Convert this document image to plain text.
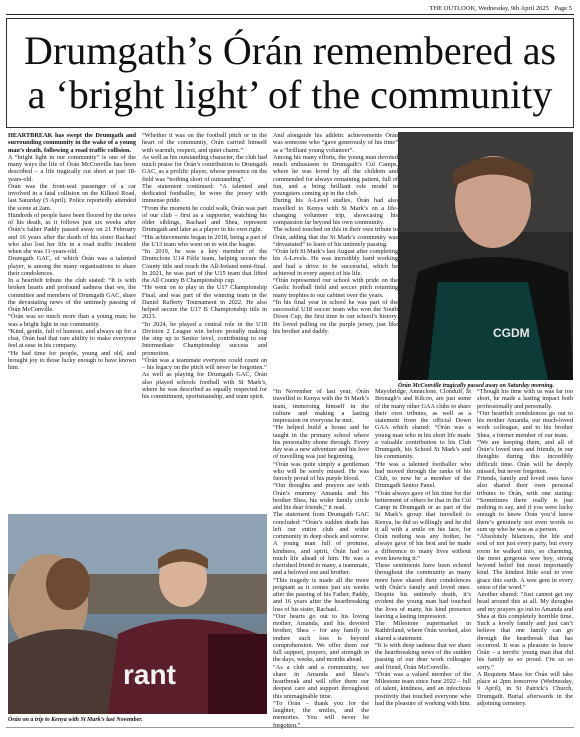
THE OUTLOOK, Wednesday, 9th April 2025 Page 5
Drumgath’s Órán remembered as
a ‘bright light’ of the community

HEARTBREAK has swept the Drumgath and surrounding community in the wake of a young man’s death, following a road traffic collision.

A “bright light in our community” is one of the many ways the life of Órán McConville has been described – a life tragically cut short at just 18-years-old.

Órán was the front-seat passenger of a car involved in a fatal collision on the Kilkeel Road, last Saturday (5 April). Police reportedly attended the scene at 2am.

Hundreds of people have been floored by the news of his death, as it follows just six weeks after Órán’s father Paddy passed away on 21 February and 16 years after the death of his sister Rachael who also lost her life in a road traffic incident when she was 11-years-old.

Drumgath GAC, of which Órán was a talented player, is among the many organisations to share their condolences.

In a heartfelt tribute the club stated: “It is with broken hearts and profound sadness that we, the committee and members of Drumgath GAC, share the devastating news of the untimely passing of Órán McConville.

“Órán was so much more than a young man; he was a bright light in our community.

“Kind, gentle, full of humour, and always up for a chat, Órán had that rare ability to make everyone feel at ease in his company.

“He had time for people, young and old, and brought joy to those lucky enough to have known him.

“Whether it was on the football pitch or in the heart of the community, Órán carried himself with warmth, respect, and quiet charm.”

As well as his outstanding character, the club had much praise for Órán’s contribution to Drumgath GAC, as a prolific player, whose presence on the field was “nothing short of outstanding”.

The statement continued: “A talented and dedicated footballer, he wore the jersey with immense pride.

“From the moment he could walk, Órán was part of our club – first as a supporter, watching his older siblings, Rachael and Shea, represent Drumgath and later as a player in his own right.

“His achievements began in 2018, being a part of the U13 team who went on to win the league.

“In 2019, he was a key member of the Drumclone U14 Féile team, helping secure the County title and reach the All-Ireland semi-final. In 2021, he was part of the U15 team that lifted the All County B Championship cup.

“He went on to play in the U17 Championship Final, and was part of the winning team in the Daniel Rafferty Tournament in 2022. He also helped secure the U17 B Championship title in 2023.

“In 2024, he played a central role in the U18 Division 2 League win before proudly making the step up to Senior level, contributing to our Intermediate Championship success and promotion.

“Órán was a teammate everyone could count on – his legacy on the pitch will never be forgotten.”

As well as playing for Drumgath GAC, Órán also played schools football with St Mark’s, where he was described as equally respected for his commitment, sportsmanship, and team spirit.

And alongside his athletic achievements Órán was someone who “gave generously of his time” as a “brilliant young volunteer”.

Among his many efforts, the young man devoted much enthusiasm to Drumgath’s Cúl Camps, where he was loved by all the children and commended for always remaining patient, full of fun, and a bring brilliant role model to youngsters coming up in the club.

During his A-Level studies, Órán had also travelled to Kenya with St Mark’s on a life-changing volunteer trip, showcasing his compassion far beyond his own community.

The school touched on this in their own tribute to Órán, adding that the St Mark’s community was “devastated” to learn of his untimely passing.

“Órán left St Mark’s last August after completing his A-Levels. He was incredibly hard working and had a drive to be successful, which he achieved in every aspect of his life.

“Órán represented our school with pride on the Gaelic football field and soccer pitch returning many trophies to our cabinet over the years.

“In his final year in school he was part of the successful U18 soccer team who won the South Down Cup, the first time in our school’s history. He loved pulling on the purple jersey, just like his brother and daddy.

“In November of last year, Órán travelled to Kenya with the St Mark’s team, immersing himself in the culture and making a lasting impression on everyone he met.

“He helped build a house and he taught in the primary school where his personality shone through. Every day was a new adventure and his love of travelling was just beginning.

“Órán was quite simply a gentleman who will be sorely missed. He was fiercely proud of his purple blood.

“Our thoughts and prayers are with Órán’s mummy Amanda and his brother Shea, his wider family circle and his dear friends,” it read.

The statement from Drumgath GAC concluded: “Órán’s sudden death has left our entire club and wider community in deep shock and sorrow. A young man full of promise, kindness, and spirit, Órán had so much life ahead of him. He was a cherished friend to many, a teammate, and a beloved son and brother.

“This tragedy is made all the more poignant as it comes just six weeks after the passing of his Father, Paddy, and 16 years after the heartbreaking loss of his sister, Rachael.

“Our hearts go out to his loving mother, Amanda, and his devoted brother, Shea – for any family to endure such loss is beyond comprehension. We offer them our full support, prayers, and strength in the days, weeks, and months ahead.

“As a club and a community, we share in Amanda and Shea’s heartbreak and will offer them our deepest care and support throughout this unimaginable time.

“To Órán – thank you for the laughter, the smiles, and the memories. You will never be forgotten.”

Mayobridge, Annaclone, Clonduff, St Bronagh’s and Kilcoo, are just some of the many other GAA clubs to share their own tributes, as well as a statement from the official Down GAA which shared: “Órán was a young man who in his short life made a valuable contribution to his Club Drumgath, his School St Mark’s and his community.

“He was a talented footballer who had moved through the ranks of his Club, to now be a member of the Drumgath Senior Panel.

“Órán always gave of his time for the betterment of others be that in the Cúl Camp in Drumgath or as part of the St Mark’s group that travelled to Kenya, he did so willingly and he did it all with a smile on his face, for Órán nothing was any bother, he always gave of his best and he made a difference to many lives without even knowing it.”

These sentiments have been echoed throughout the community as many more have shared their condolences with Órán’s family and loved ones. Despite his untimely death, it’s evident the young man had touched the lives of many, his kind presence leaving a lasting impression.

The Milestone supermarket in Rathfriland, where Órán worked, also shared a statement.

“It is with deep sadness that we share the heartbreaking news of the sudden passing of our dear work colleague and friend, Órán McConville.

“Órán was a valued member of the Milestone team since June 2022 – full of talent, kindness, and an infectious positivity that touched everyone who had the pleasure of working with him.

“Though his time with us was far too short, he made a lasting impact both professionally and personally.

“Our heartfelt condolences go out to his mother Amanda, our much-loved work colleague, and to his brother Shea, a former member of our team.

“We are keeping them, and all of Órán’s loved ones and friends, in our thoughts during this incredibly difficult time. Órán will be deeply missed, but never forgotten.

Friends, family and loved ones have also shared their own personal tributes to Órán, with one stating: “Sometimes there really is just nothing to say, and if you were lucky enough to know Órán you’d know there’s genuinely not even words to sum up who he was as a person.

“Absolutely hilarious, the life and soul of not just every party, but every room he walked into, so charming, the most gorgeous wee boy, strong beyond belief but most importantly kind. The kindest little soul to ever grace this earth. A wee gem in every sense of the word.”

Another shared: “Just cannot get my head around this at all. My thoughts and my prayers go out to Amanda and Shea at this completely horrible time. Such a lovely family and just can’t believe that one family can go through the heartbreak that has occurred. It was a pleasure to know Órán – a terrific young man that did his family so so proud. I’m so so sorry.”

A Requiem Mass for Órán will take place at 2pm tomorrow (Wednesday, 9 April), in St Patrick’s Church, Drumgath. Burial afterwards in the adjoining cemetery.

rant
Órán on a trip to Kenya with St Mark’s last November.
CGDM
Órán McConville tragically passed away on Saturday morning.
